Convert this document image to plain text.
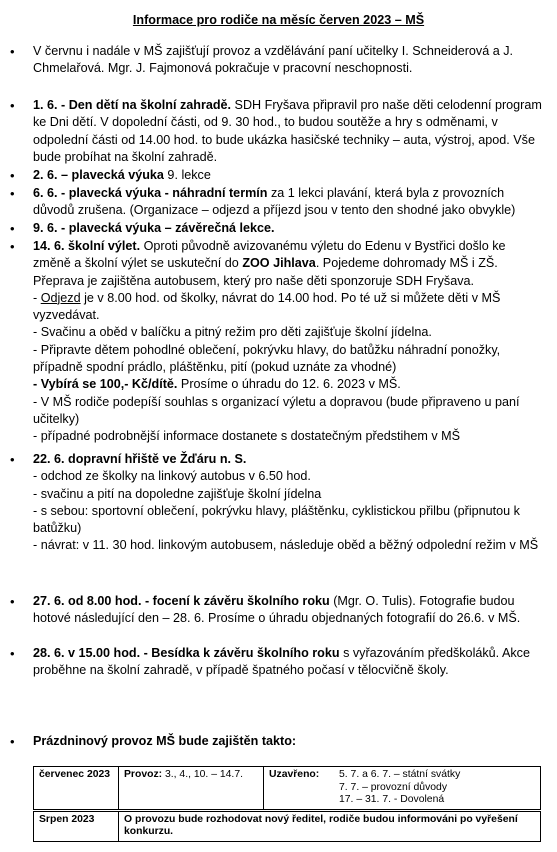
Informace pro rodiče na měsíc červen 2023 – MŠ
• V červnu i nadále v MŠ zajišťují provoz a vzdělávání paní učitelky I. Schneiderová a J. Chmelařová. Mgr. J. Fajmonová pokračuje v pracovní neschopnosti.
• 1. 6. - Den dětí na školní zahradě. SDH Fryšava připravil pro naše děti celodenní program ke Dni dětí. V dopolední části, od 9. 30 hod., to budou soutěže a hry s odměnami, v odpolední části od 14.00 hod. to bude ukázka hasičské techniky – auta, výstroj, apod. Vše bude probíhat na školní zahradě.
• 2. 6. – plavecká výuka 9. lekce
• 6. 6. - plavecká výuka - náhradní termín za 1 lekci plavání, která byla z provozních důvodů zrušena. (Organizace – odjezd a příjezd jsou v tento den shodné jako obvykle)
• 9. 6. - plavecká výuka – závěrečná lekce.
• 14. 6. školní výlet. Oproti původně avizovanému výletu do Edenu v Bystřici došlo ke změně a školní výlet se uskuteční do ZOO Jihlava. Pojedeme dohromady MŠ i ZŠ. Přeprava je zajištěna autobusem, který pro naše děti sponzoruje SDH Fryšava.
- Odjezd je v 8.00 hod. od školky, návrat do 14.00 hod. Po té už si můžete děti v MŠ vyzvedávat.
- Svačinu a oběd v balíčku a pitný režim pro děti zajišťuje školní jídelna.
- Připravte dětem pohodlné oblečení, pokrývku hlavy, do batůžku náhradní ponožky, případně spodní prádlo, pláštěnku, pití (pokud uznáte za vhodné)
- Vybírá se 100,- Kč/dítě. Prosíme o úhradu do 12. 6. 2023 v MŠ.
- V MŠ rodiče podepíší souhlas s organizací výletu a dopravou (bude připraveno u paní učitelky)
- případné podrobnější informace dostanete s dostatečným předstihem v MŠ
• 22. 6. dopravní hřiště ve Žďáru n. S.
- odchod ze školky na linkový autobus v 6.50 hod.
- svačinu a pití na dopoledne zajišťuje školní jídelna
- s sebou: sportovní oblečení, pokrývku hlavy, pláštěnku, cyklistickou přilbu (připnutou k batůžku)
- návrat: v 11. 30 hod. linkovým autobusem, následuje oběd a běžný odpolední režim v MŠ
• 27. 6. od 8.00 hod. - focení k závěru školního roku (Mgr. O. Tulis). Fotografie budou hotové následující den – 28. 6. Prosíme o úhradu objednaných fotografií do 26.6. v MŠ.
• 28. 6. v 15.00 hod. - Besídka k závěru školního roku s vyřazováním předškoláků. Akce proběhne na školní zahradě, v případě špatného počasí v tělocvičně školy.
• Prázdninový provoz MŠ bude zajištěn takto:
červenec 2023	Provoz: 3., 4., 10. – 14.7.	Uzavřeno: 5. 7. a 6. 7. – státní svátky
7. 7. – provozní důvody
17. – 31. 7. - Dovolená

Srpen 2023	O provozu bude rozhodovat nový ředitel, rodiče budou informováni po vyřešení konkurzu.	
